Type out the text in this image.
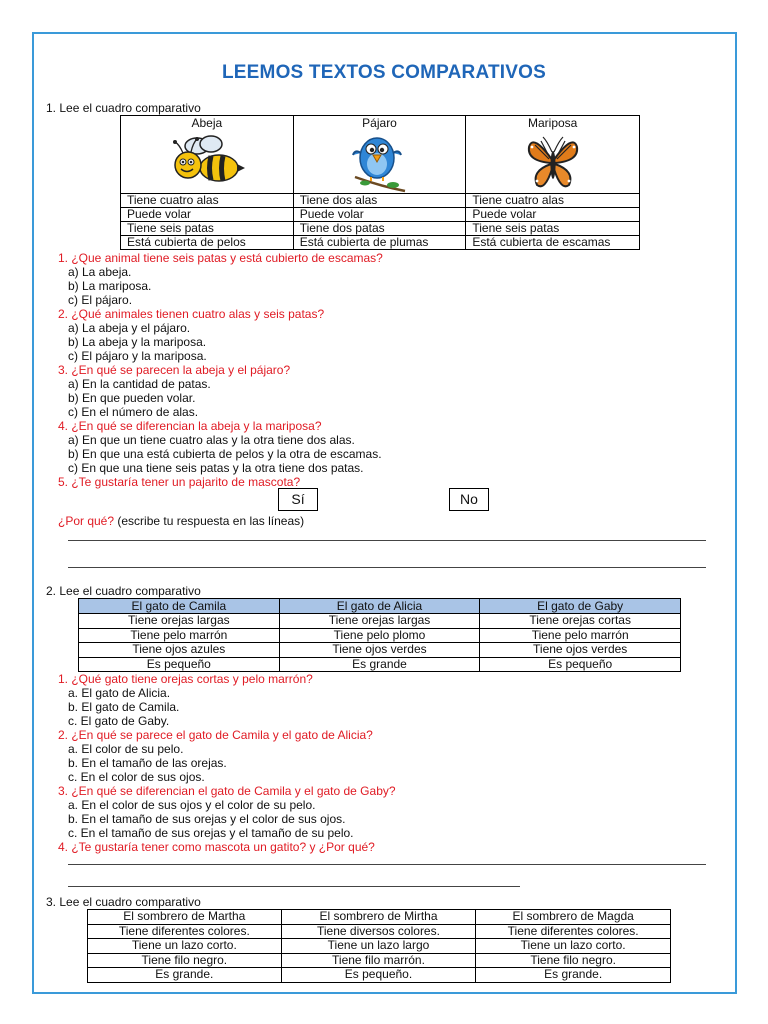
LEEMOS TEXTOS COMPARATIVOS
1. Lee el cuadro comparativo
Abeja	Pájaro	Mariposa

Tiene cuatro alas	Tiene dos alas	Tiene cuatro alas
Puede volar	Puede volar	Puede volar
Tiene seis patas	Tiene dos patas	Tiene seis patas
Está cubierta de pelos	Está cubierta de plumas	Está cubierta de escamas
1. ¿Que animal tiene seis patas y está cubierto de escamas?
a) La abeja.
b) La mariposa.
c) El pájaro.
2. ¿Qué animales tienen cuatro alas y seis patas?
a) La abeja y el pájaro.
b) La abeja y la mariposa.
c) El pájaro y la mariposa.
3. ¿En qué se parecen la abeja y el pájaro?
a) En la cantidad de patas.
b) En que pueden volar.
c) En el número de alas.
4. ¿En qué se diferencian la abeja y la mariposa?
a) En que un tiene cuatro alas y la otra tiene dos alas.
b) En que una está cubierta de pelos y la otra de escamas.
c) En que una tiene seis patas y la otra tiene dos patas.
5. ¿Te gustaría tener un pajarito de mascota?
Sí	No
¿Por qué? (escribe tu respuesta en las líneas)
2. Lee el cuadro comparativo
El gato de Camila	El gato de Alicia	El gato de Gaby
Tiene orejas largas	Tiene orejas largas	Tiene orejas cortas
Tiene pelo marrón	Tiene pelo plomo	Tiene pelo marrón
Tiene ojos azules	Tiene ojos verdes	Tiene ojos verdes
Es pequeño	Es grande	Es pequeño
1. ¿Qué gato tiene orejas cortas y pelo marrón?
a. El gato de Alicia.
b. El gato de Camila.
c. El gato de Gaby.
2. ¿En qué se parece el gato de Camila y el gato de Alicia?
a. El color de su pelo.
b. En el tamaño de las orejas.
c. En el color de sus ojos.
3. ¿En qué se diferencian el gato de Camila y el gato de Gaby?
a. En el color de sus ojos y el color de su pelo.
b. En el tamaño de sus orejas y el color de sus ojos.
c. En el tamaño de sus orejas y el tamaño de su pelo.
4. ¿Te gustaría tener como mascota un gatito? y ¿Por qué?
3. Lee el cuadro comparativo
El sombrero de Martha	El sombrero de Mirtha	El sombrero de Magda
Tiene diferentes colores.	Tiene diversos colores.	Tiene diferentes colores.
Tiene un lazo corto.	Tiene un lazo largo	Tiene un lazo corto.
Tiene filo negro.	Tiene filo marrón.	Tiene filo negro.
Es grande.	Es pequeño.	Es grande.
